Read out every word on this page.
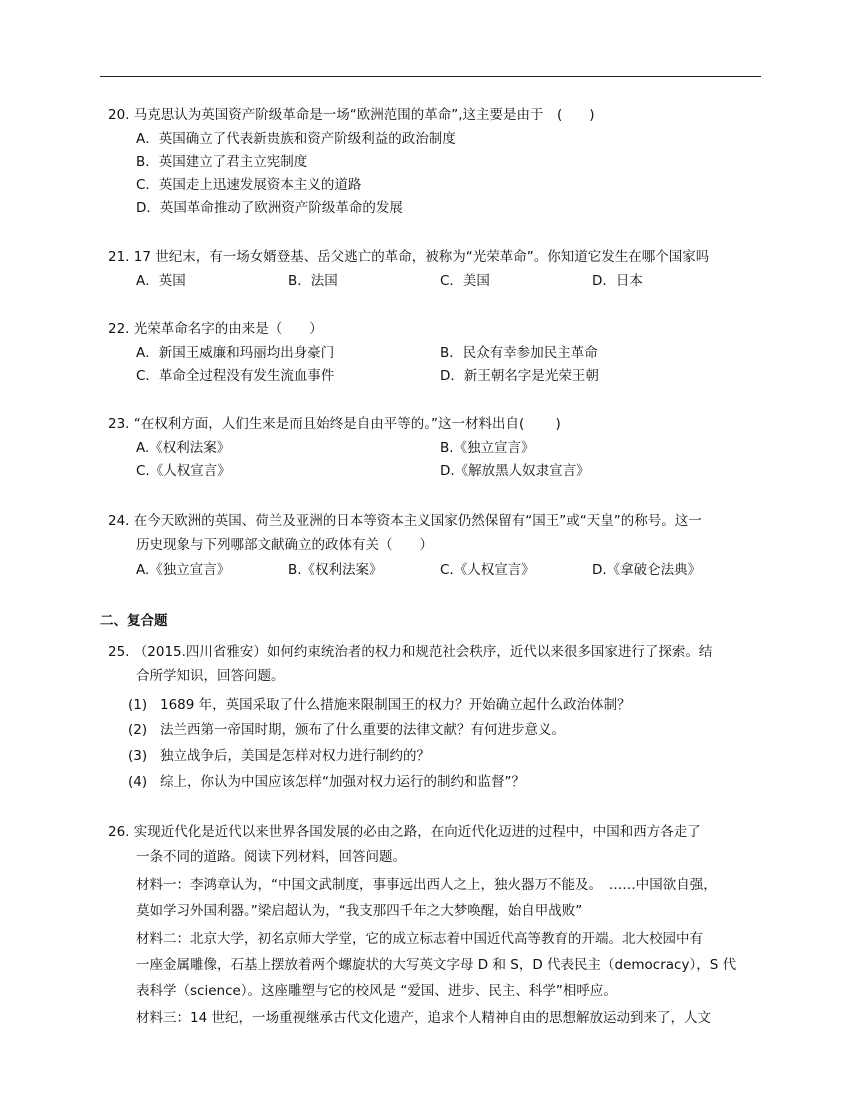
20. 马克思认为英国资产阶级革命是一场“欧洲范围的革命”,这主要是由于　(　　)
A．英国确立了代表新贵族和资产阶级利益的政治制度
B．英国建立了君主立宪制度
C．英国走上迅速发展资本主义的道路
D．英国革命推动了欧洲资产阶级革命的发展
21. 17 世纪末，有一场女婿登基、岳父逃亡的革命，被称为“光荣革命”。你知道它发生在哪个国家吗
A．英国	B．法国	C．美国	D．日本
22. 光荣革命名字的由来是（　　）
A．新国王威廉和玛丽均出身豪门	B．民众有幸参加民主革命
C．革命全过程没有发生流血事件	D．新王朝名字是光荣王朝
23. “在权利方面，人们生来是而且始终是自由平等的。”这一材料出自(　　 )
A.《权利法案》	B.《独立宣言》
C.《人权宣言》	D.《解放黑人奴隶宣言》
24. 在今天欧洲的英国、荷兰及亚洲的日本等资本主义国家仍然保留有“国王”或“天皇”的称号。这一
历史现象与下列哪部文献确立的政体有关（　　）
A.《独立宣言》	B.《权利法案》	C.《人权宣言》	D.《拿破仑法典》
二、复合题
25. （2015.四川省雅安）如何约束统治者的权力和规范社会秩序，近代以来很多国家进行了探索。结
合所学知识，回答问题。
(1) 1689 年，英国采取了什么措施来限制国王的权力？开始确立起什么政治体制？
(2) 法兰西第一帝国时期，颁布了什么重要的法律文献？有何进步意义。
(3) 独立战争后，美国是怎样对权力进行制约的？
(4) 综上，你认为中国应该怎样“加强对权力运行的制约和监督”？
26. 实现近代化是近代以来世界各国发展的必由之路，在向近代化迈进的过程中，中国和西方各走了
一条不同的道路。阅读下列材料，回答问题。
材料一：李鸿章认为，“中国文武制度，事事远出西人之上，独火器万不能及。　……中国欲自强，
莫如学习外国利器。”梁启超认为，“我支那四千年之大梦唤醒，始自甲战败”
材料二：北京大学，初名京师大学堂，它的成立标志着中国近代高等教育的开端。北大校园中有
一座金属雕像，石基上摆放着两个螺旋状的大写英文字母 D 和 S，D 代表民主（democracy），S 代
表科学（science）。这座雕塑与它的校风是 “爱国、进步、民主、科学”相呼应。
材料三：14 世纪，一场重视继承古代文化遗产，追求个人精神自由的思想解放运动到来了，人文
